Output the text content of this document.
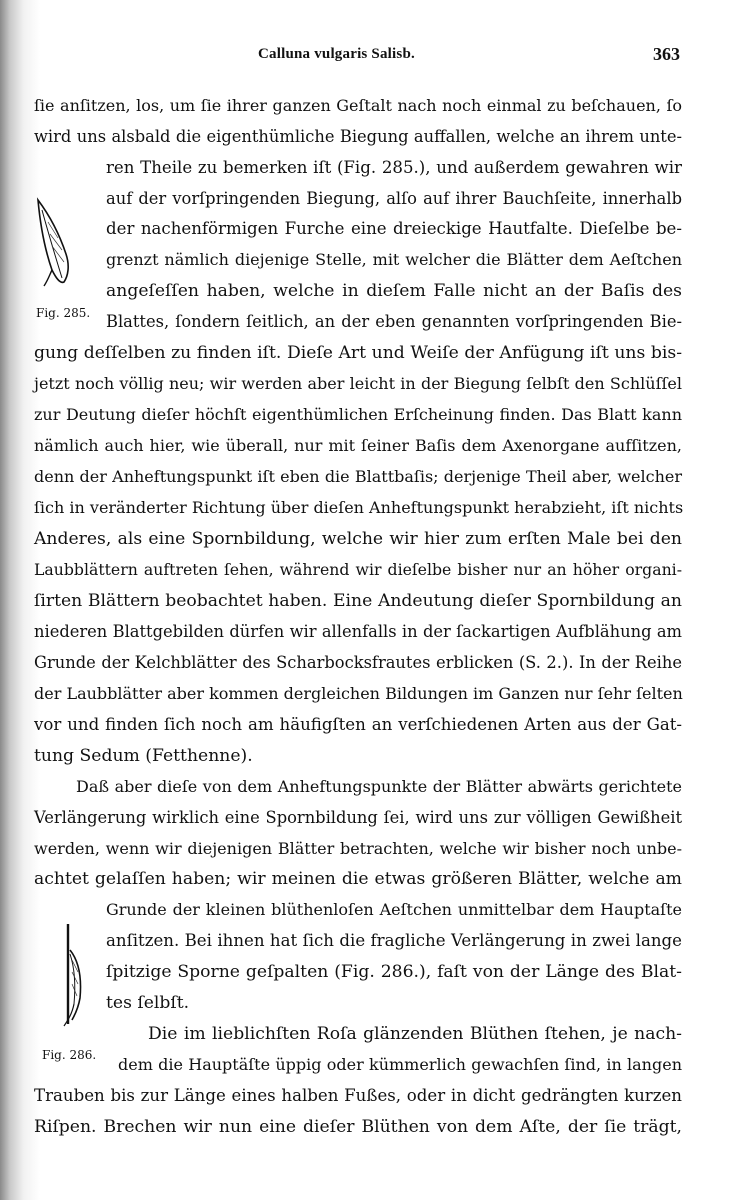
Calluna vulgaris Salisb.	363
Fig. 285.
Fig. 286.
ſie anſitzen, los, um ſie ihrer ganzen Geſtalt nach noch einmal zu beſchauen, ſo
wird uns alsbald die eigenthümliche Biegung auffallen, welche an ihrem unte-
ren Theile zu bemerken iſt (Fig. 285.), und außerdem gewahren wir
auf der vorſpringenden Biegung, alſo auf ihrer Bauchſeite, innerhalb
der nachenförmigen Furche eine dreieckige Hautfalte. Dieſelbe be-
grenzt nämlich diejenige Stelle, mit welcher die Blätter dem Aeſtchen
angeſeſſen haben, welche in dieſem Falle nicht an der Baſis des
Blattes, ſondern ſeitlich, an der eben genannten vorſpringenden Bie-
gung deſſelben zu finden iſt. Dieſe Art und Weiſe der Anfügung iſt uns bis-
jetzt noch völlig neu; wir werden aber leicht in der Biegung ſelbſt den Schlüſſel
zur Deutung dieſer höchſt eigenthümlichen Erſcheinung finden. Das Blatt kann
nämlich auch hier, wie überall, nur mit ſeiner Baſis dem Axenorgane aufſitzen,
denn der Anheftungspunkt iſt eben die Blattbaſis; derjenige Theil aber, welcher
ſich in veränderter Richtung über dieſen Anheftungspunkt herabzieht, iſt nichts
Anderes, als eine Spornbildung, welche wir hier zum erſten Male bei den
Laubblättern auftreten ſehen, während wir dieſelbe bisher nur an höher organi-
ſirten Blättern beobachtet haben. Eine Andeutung dieſer Spornbildung an
niederen Blattgebilden dürfen wir allenfalls in der ſackartigen Aufblähung am
Grunde der Kelchblätter des Scharbocksfrautes erblicken (S. 2.). In der Reihe
der Laubblätter aber kommen dergleichen Bildungen im Ganzen nur ſehr ſelten
vor und finden ſich noch am häufigſten an verſchiedenen Arten aus der Gat-
tung Sedum (Fetthenne).
Daß aber dieſe von dem Anheftungspunkte der Blätter abwärts gerichtete
Verlängerung wirklich eine Spornbildung ſei, wird uns zur völligen Gewißheit
werden, wenn wir diejenigen Blätter betrachten, welche wir bisher noch unbe-
achtet gelaſſen haben; wir meinen die etwas größeren Blätter, welche am
Grunde der kleinen blüthenloſen Aeſtchen unmittelbar dem Hauptaſte
anſitzen. Bei ihnen hat ſich die fragliche Verlängerung in zwei lange
ſpitzige Sporne geſpalten (Fig. 286.), faſt von der Länge des Blat-
tes ſelbſt.
Die im lieblichſten Roſa glänzenden Blüthen ſtehen, je nach-
dem die Hauptäſte üppig oder kümmerlich gewachſen ſind, in langen
Trauben bis zur Länge eines halben Fußes, oder in dicht gedrängten kurzen
Riſpen. Brechen wir nun eine dieſer Blüthen von dem Aſte, der ſie trägt,
